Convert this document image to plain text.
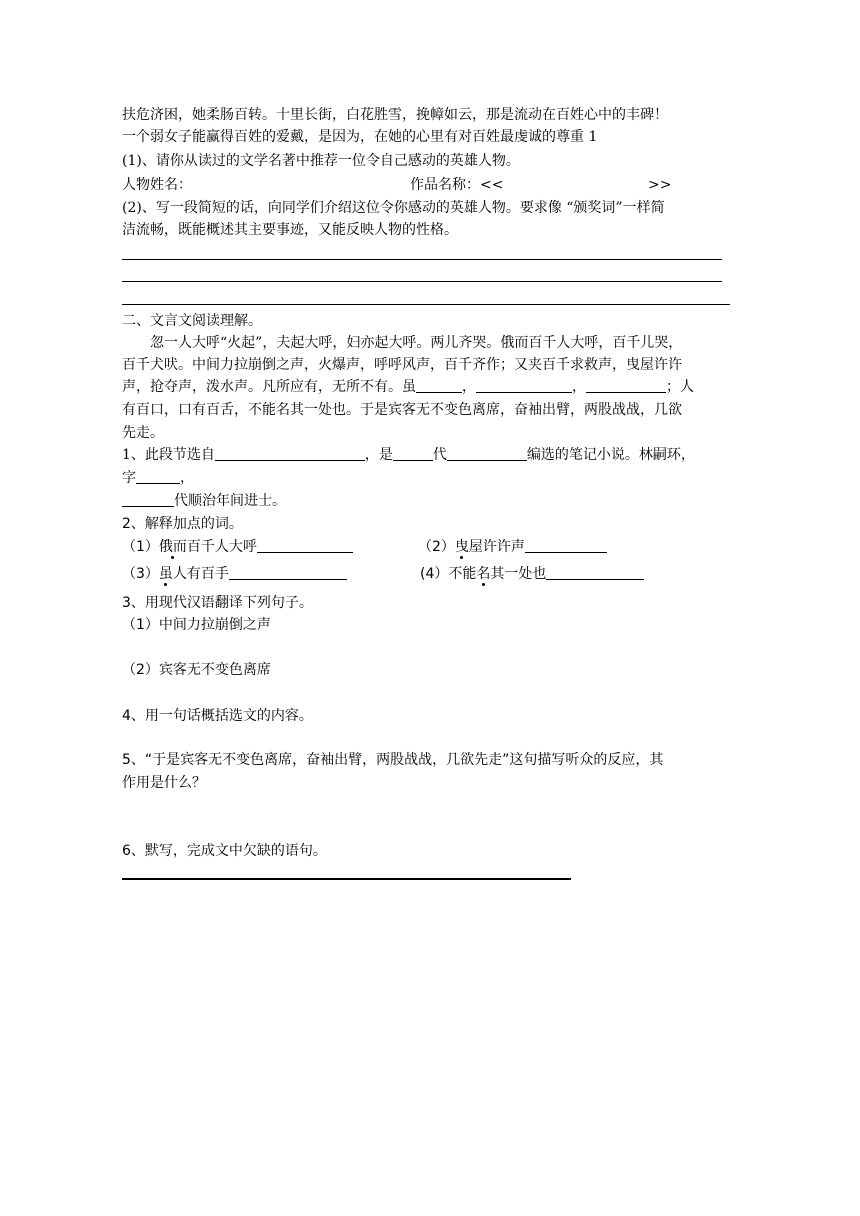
扶危济困，她柔肠百转。十里长街，白花胜雪，挽幛如云，那是流动在百姓心中的丰碑！
一个弱女子能赢得百姓的爱戴，是因为，在她的心里有对百姓最虔诚的尊重 1
(1)、请你从读过的文学名著中推荐一位令自己感动的英雄人物。
人物姓名：	作品名称：<<	>>
(2)、写一段简短的话，向同学们介绍这位令你感动的英雄人物。要求像 “颁奖词”一样简
洁流畅，既能概述其主要事迹，又能反映人物的性格。
二、文言文阅读理解。
忽一人大呼“火起”，夫起大呼，妇亦起大呼。两儿齐哭。俄而百千人大呼，百千儿哭，
百千犬吠。中间力拉崩倒之声，火爆声，呼呼风声，百千齐作；又夹百千求救声，曳屋许许
声，抢夺声，泼水声。凡所应有，无所不有。虽	，	，	；人
有百口，口有百舌，不能名其一处也。于是宾客无不变色离席，奋袖出臂，两股战战，几欲
先走。
1、此段节选自	，是	代	编选的笔记小说。林嗣环，
字	，
代顺治年间进士。
2、解释加点的词。
（1）俄而百千人大呼	（2）曳屋许许声
（3）虽人有百手	(4）不能名其一处也
3、用现代汉语翻译下列句子。
（1）中间力拉崩倒之声
（2）宾客无不变色离席
4、用一句话概括选文的内容。
5、“于是宾客无不变色离席，奋袖出臂，两股战战，几欲先走”这句描写听众的反应，其
作用是什么？
6、默写，完成文中欠缺的语句。
